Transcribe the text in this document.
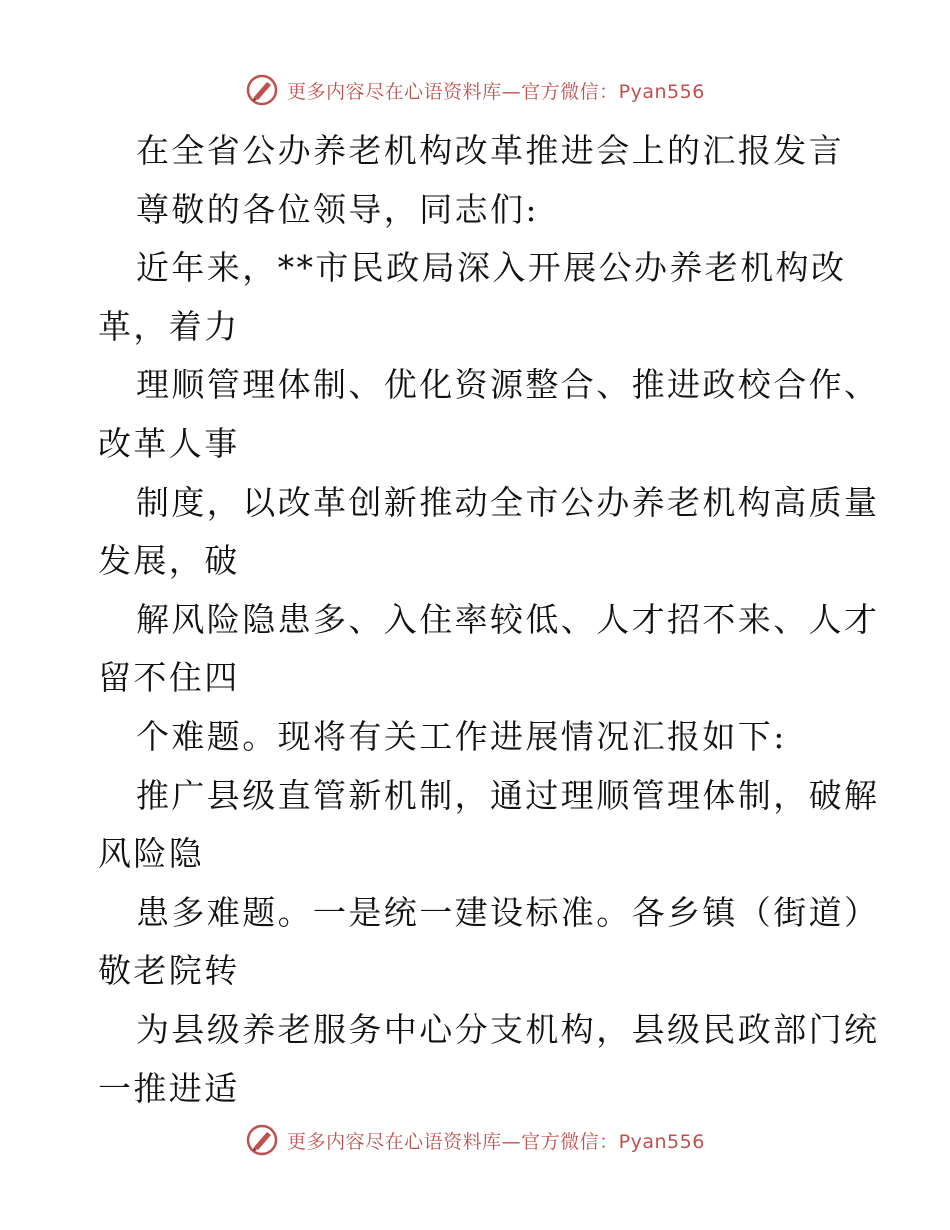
更多内容尽在心语资料库—官方微信：Pyan556
在全省公办养老机构改革推进会上的汇报发言
尊敬的各位领导，同志们:
近年来，**市民政局深入开展公办养老机构改
革，着力
理顺管理体制、优化资源整合、推进政校合作、
改革人事
制度，以改革创新推动全市公办养老机构高质量
发展，破
解风险隐患多、入住率较低、人才招不来、人才
留不住四
个难题。现将有关工作进展情况汇报如下:
推广县级直管新机制，通过理顺管理体制，破解
风险隐
患多难题。一是统一建设标准。各乡镇（街道）
敬老院转
为县级养老服务中心分支机构，县级民政部门统
一推进适
更多内容尽在心语资料库—官方微信：Pyan556
